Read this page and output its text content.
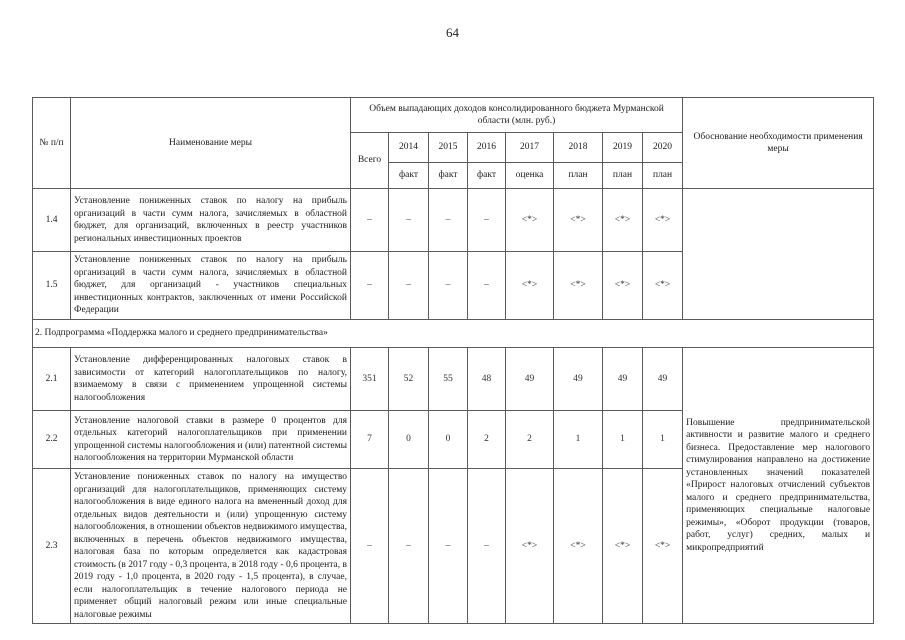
64
№ п/п	Наименование меры	Объем выпадающих доходов консолидированного бюджета Мурманской области (млн. руб.)								Обоснование необходимости применения меры
		Всего	2014	2015	2016	2017	2018	2019	2020	
			факт	факт	факт	оценка	план	план	план	
1.4	Установление пониженных ставок по налогу на прибыль организаций в части сумм налога, зачисляемых в областной бюджет, для организаций, включенных в реестр участников региональных инвестиционных проектов	–	–	–	–	<*>	<*>	<*>	<*>	
1.5	Установление пониженных ставок по налогу на прибыль организаций в части сумм налога, зачисляемых в областной бюджет, для организаций - участников специальных инвестиционных контрактов, заключенных от имени Российской Федерации	–	–	–	–	<*>	<*>	<*>	<*>	
2. Подпрограмма «Поддержка малого и среднего предпринимательства»										
2.1	Установление дифференцированных налоговых ставок в зависимости от категорий налогоплательщиков по налогу, взимаемому в связи с применением упрощенной системы налогообложения	351	52	55	48	49	49	49	49	Повышение предпринимательской активности и развитие малого и среднего бизнеса. Предоставление мер налогового стимулирования направлено на достижение установленных значений показателей «Прирост налоговых отчислений субъектов малого и среднего предпринимательства, применяющих специальные налоговые режимы», «Оборот продукции (товаров, работ, услуг) средних, малых и микропредприятий
2.2	Установление налоговой ставки в размере 0 процентов для отдельных категорий налогоплательщиков при применении упрощенной системы налогообложения и (или) патентной системы налогообложения на территории Мурманской области	7	0	0	2	2	1	1	1	
2.3	Установление пониженных ставок по налогу на имущество организаций для налогоплательщиков, применяющих систему налогообложения в виде единого налога на вмененный доход для отдельных видов деятельности и (или) упрощенную систему налогообложения, в отношении объектов недвижимого имущества, включенных в перечень объектов недвижимого имущества, налоговая база по которым определяется как кадастровая стоимость (в 2017 году - 0,3 процента, в 2018 году - 0,6 процента, в 2019 году - 1,0 процента, в 2020 году - 1,5 процента), в случае, если налогоплательщик в течение налогового периода не применяет общий налоговый режим или иные специальные налоговые режимы	–	–	–	–	<*>	<*>	<*>	<*>	
